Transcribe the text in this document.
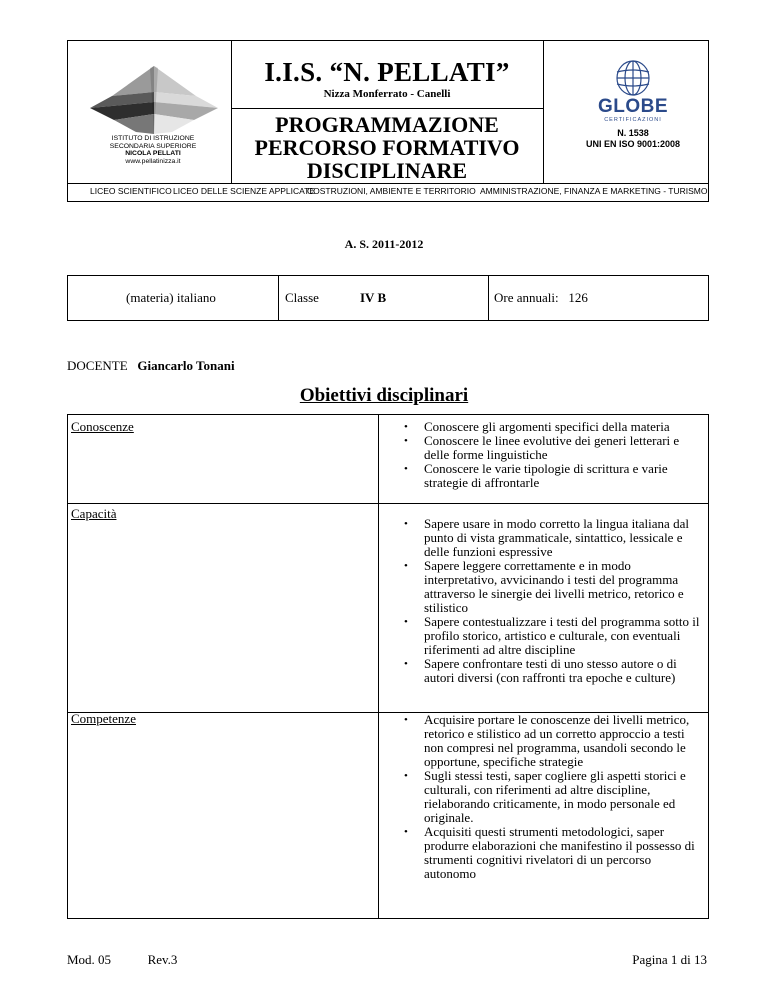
ISTITUTO DI ISTRUZIONE
SECONDARIA SUPERIORE
NICOLA PELLATI
www.pellatinizza.it
I.I.S. “N. PELLATI”
Nizza Monferrato - Canelli
PROGRAMMAZIONE
PERCORSO FORMATIVO
DISCIPLINARE
GLOBE
CERTIFICAZIONI
N. 1538
UNI EN ISO 9001:2008
LICEO SCIENTIFICO LICEO DELLE SCIENZE APPLICATE
COSTRUZIONI, AMBIENTE E TERRITORIO AMMINISTRAZIONE, FINANZA E MARKETING - TURISMO
A. S. 2011-2012
(materia) italiano	Classe	IV B	Ore annuali: 126
DOCENTE Giancarlo Tonani
Obiettivi disciplinari
Conoscenze	• Conoscere gli argomenti specifici della materia
• Conoscere le linee evolutive dei generi letterari e delle forme linguistiche
• Conoscere le varie tipologie di scrittura e varie strategie di affrontarle
Capacità
• Sapere usare in modo corretto la lingua italiana dal punto di vista grammaticale, sintattico, lessicale e delle funzioni espressive
• Sapere leggere correttamente e in modo interpretativo, avvicinando i testi del programma attraverso le sinergie dei livelli metrico, retorico e stilistico
• Sapere contestualizzare i testi del programma sotto il profilo storico, artistico e culturale, con eventuali riferimenti ad altre discipline
• Sapere confrontare testi di uno stesso autore o di autori diversi (con raffronti tra epoche e culture)
Competenze	• Acquisire portare le conoscenze dei livelli metrico, retorico e stilistico ad un corretto approccio a testi non compresi nel programma, usandoli secondo le opportune, specifiche strategie
• Sugli stessi testi, saper cogliere gli aspetti storici e culturali, con riferimenti ad altre discipline, rielaborando criticamente, in modo personale ed originale.
• Acquisiti questi strumenti metodologici, saper produrre elaborazioni che manifestino il possesso di strumenti cognitivi rivelatori di un percorso autonomo
Mod. 05	Rev.3	Pagina 1 di 13
